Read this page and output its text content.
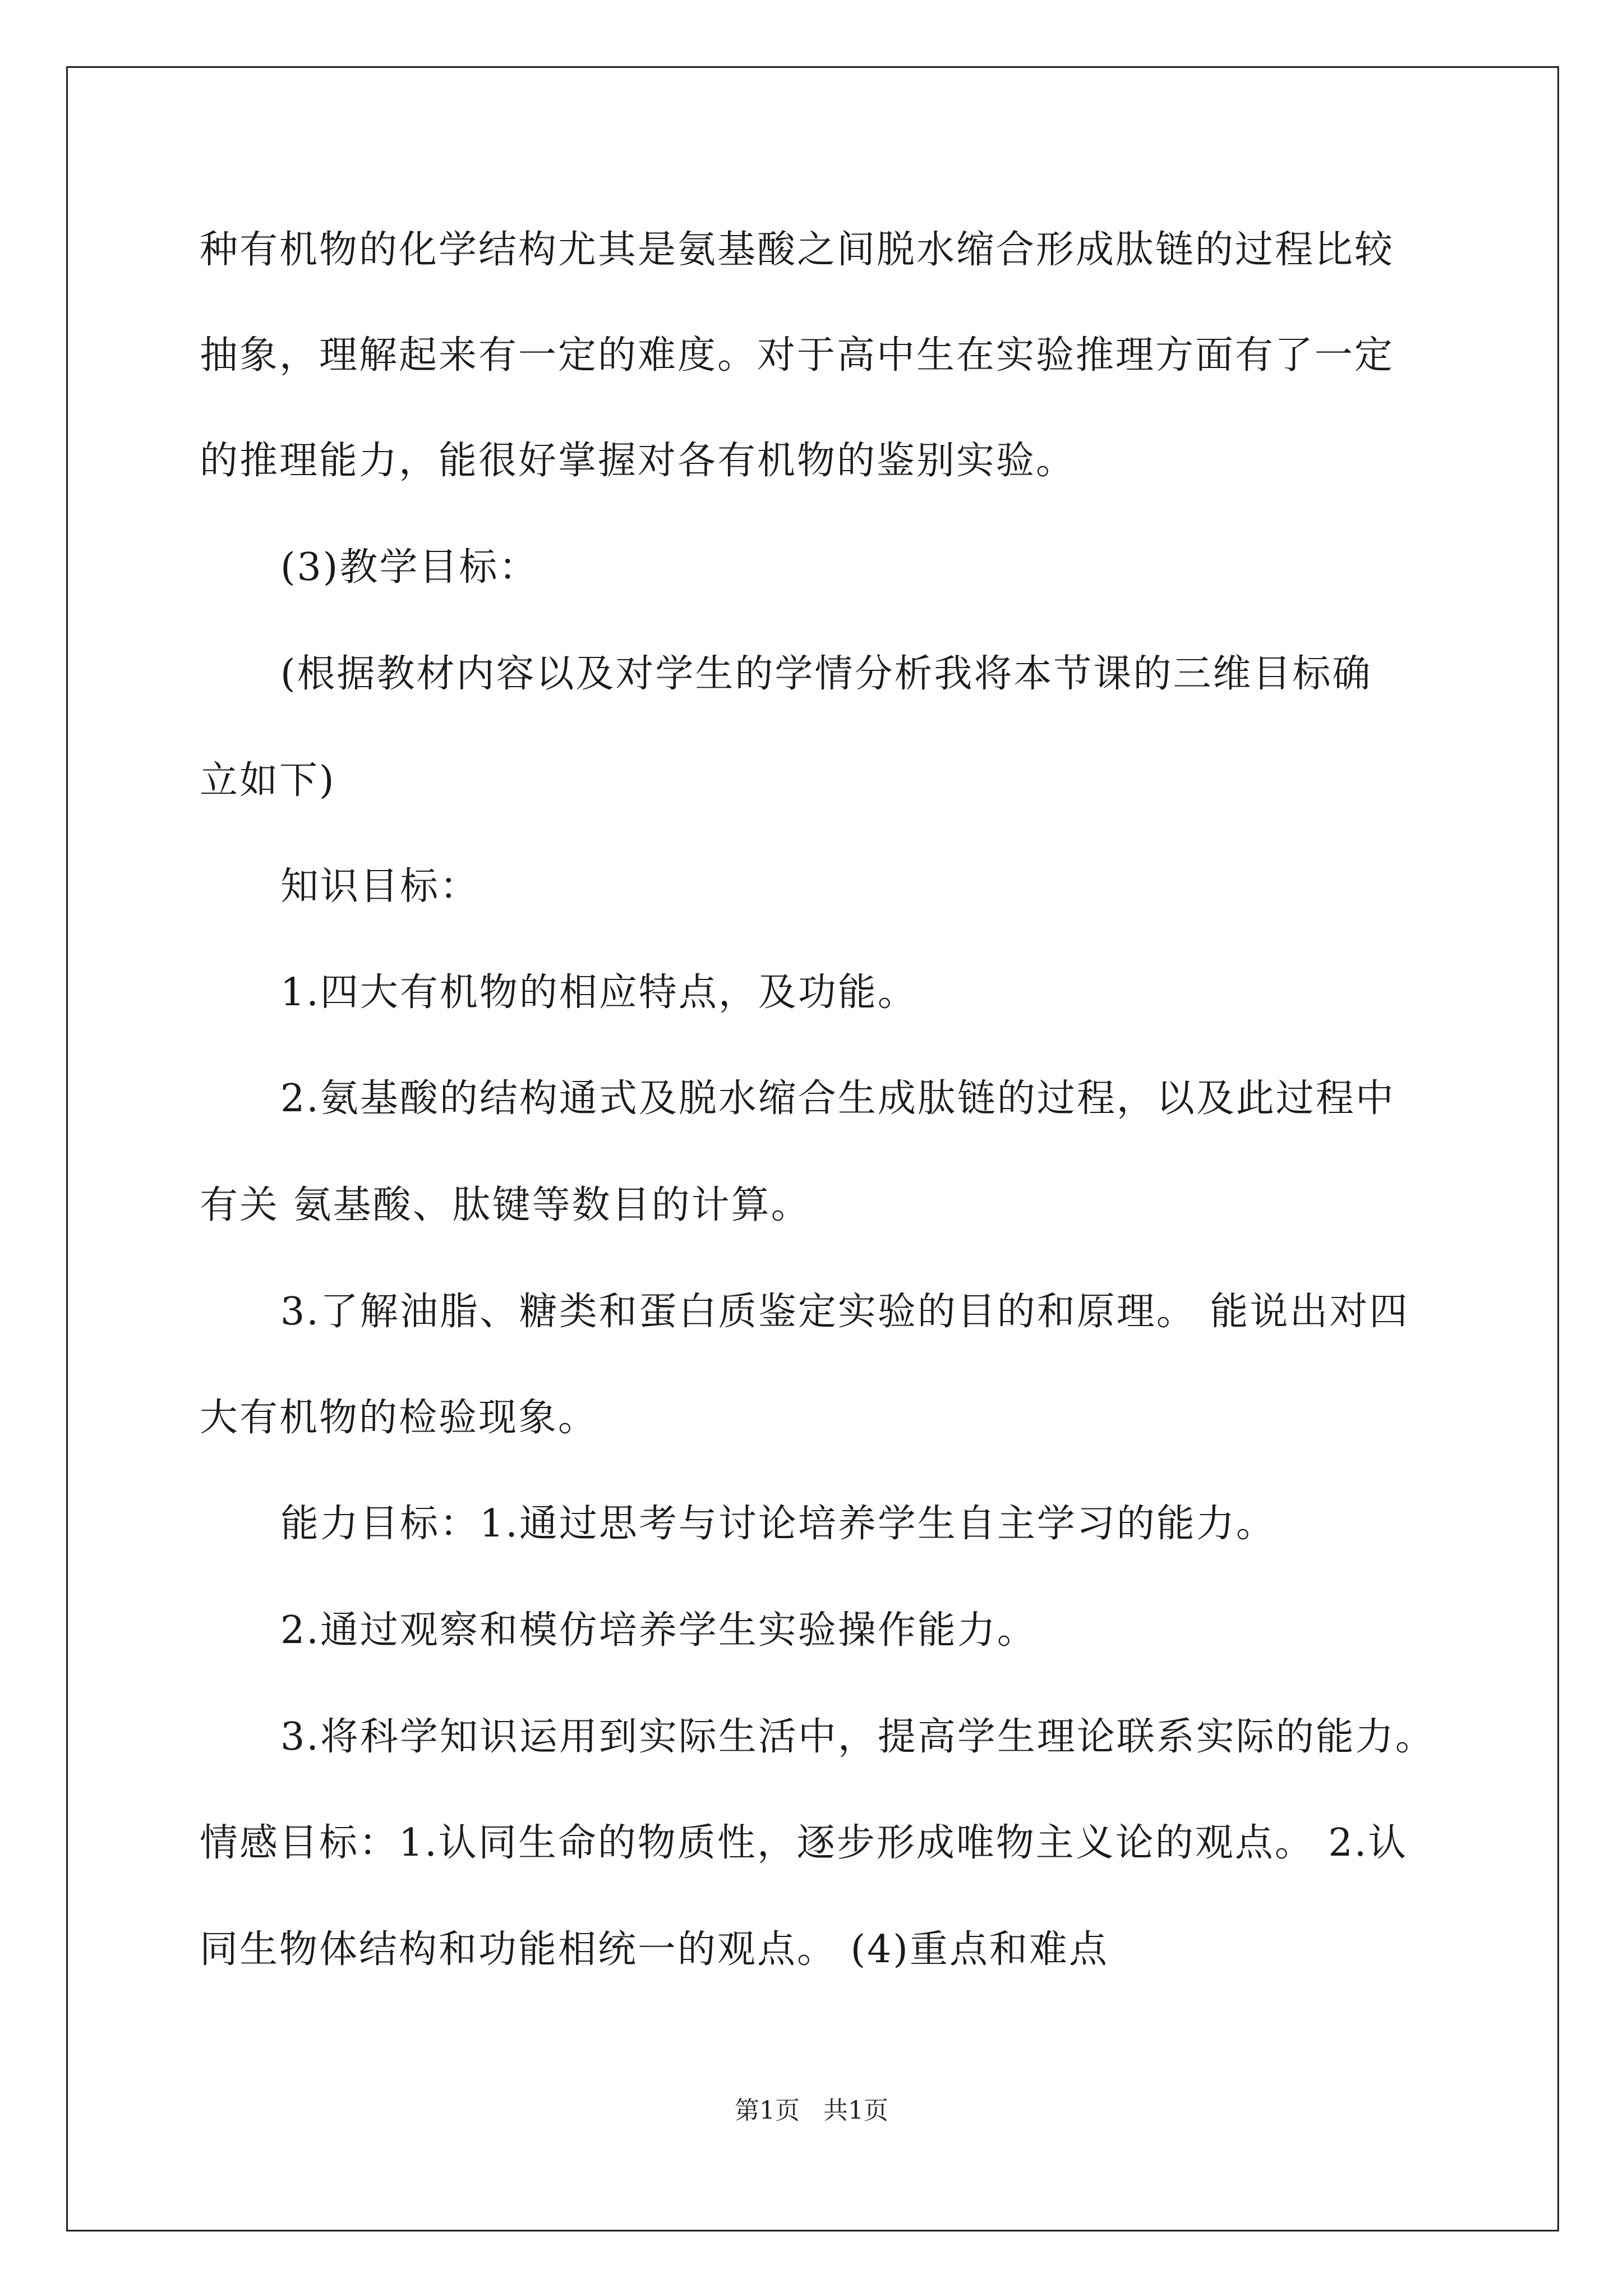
种有机物的化学结构尤其是氨基酸之间脱水缩合形成肽链的过程比较
抽象，理解起来有一定的难度。对于高中生在实验推理方面有了一定
的推理能力，能很好掌握对各有机物的鉴别实验。
(3)教学目标：
(根据教材内容以及对学生的学情分析我将本节课的三维目标确
立如下)
知识目标：
1.四大有机物的相应特点，及功能。
2.氨基酸的结构通式及脱水缩合生成肽链的过程，以及此过程中
有关 氨基酸、肽键等数目的计算。
3.了解油脂、糖类和蛋白质鉴定实验的目的和原理。 能说出对四
大有机物的检验现象。
能力目标：1.通过思考与讨论培养学生自主学习的能力。
2.通过观察和模仿培养学生实验操作能力。
3.将科学知识运用到实际生活中，提高学生理论联系实际的能力。
情感目标：1.认同生命的物质性，逐步形成唯物主义论的观点。 2.认
同生物体结构和功能相统一的观点。 (4)重点和难点
第1页   共1页
